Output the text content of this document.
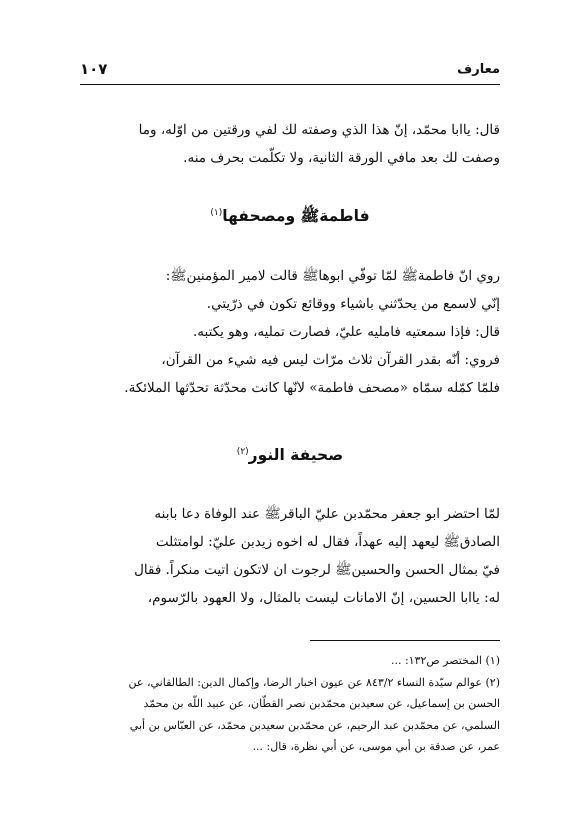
معارف
١٠٧

قال: ياابا محمّد، إنّ هذا الذي وصفته لك لفي ورقتين من اوّله، وما

وصفت لك بعد مافي الورقة الثانية، ولا تكلّمت بحرف منه.

فاطمةﷺ ومصحفها$^{(١)}$

روي انّ فاطمةﷺ لمّا توفّي ابوهاﷺ قالت لامير المؤمنينﷺ:

إنّي لاسمع من يحدّثني باشياء ووقائع تكون في ذرّيتي.

قال: فإذا سمعتيه فامليه عليّ، فصارت تمليه، وهو يكتبه.

فروي: أنّه بقدر القرآن ثلاث مرّات ليس فيه شيء من القرآن،

فلمّا كمّله سمّاه «مصحف فاطمة» لانّها كانت محدّثة تحدّثها الملائكة.

صحيفة النور$^{(٢)}$

لمّا احتضر ابو جعفر محمّدبن عليّ الباقرﷺ عند الوفاة دعا بابنه

الصادقﷺ ليعهد إليه عهداً، فقال له اخوه زيدبن عليّ: لوامتثلت

فيّ بمثال الحسن والحسينﷺ لرجوت ان لاتكون اتيت منكراً. فقال

له: ياابا الحسين، إنّ الامانات ليست بالمثال، ولا العهود بالرّسوم،

(١) المختصر ص١٣٢: ...

(٢) عوالم سيّدة النساء ٨٤٣/٢ عن عيون اخبار الرضا، وإكمال الدين: الطالقاني، عن

الحسن بن إسماعيل، عن سعيدبن محمّدبن نصر القطّان، عن عبيد اللّه بن محمّد

السلمي، عن محمّدبن عبد الرحيم، عن محمّدبن سعيدبن محمّد، عن العبّاس بن أبي

عمر، عن صدقة بن أبي موسى، عن أبي نظرة، قال: ...
